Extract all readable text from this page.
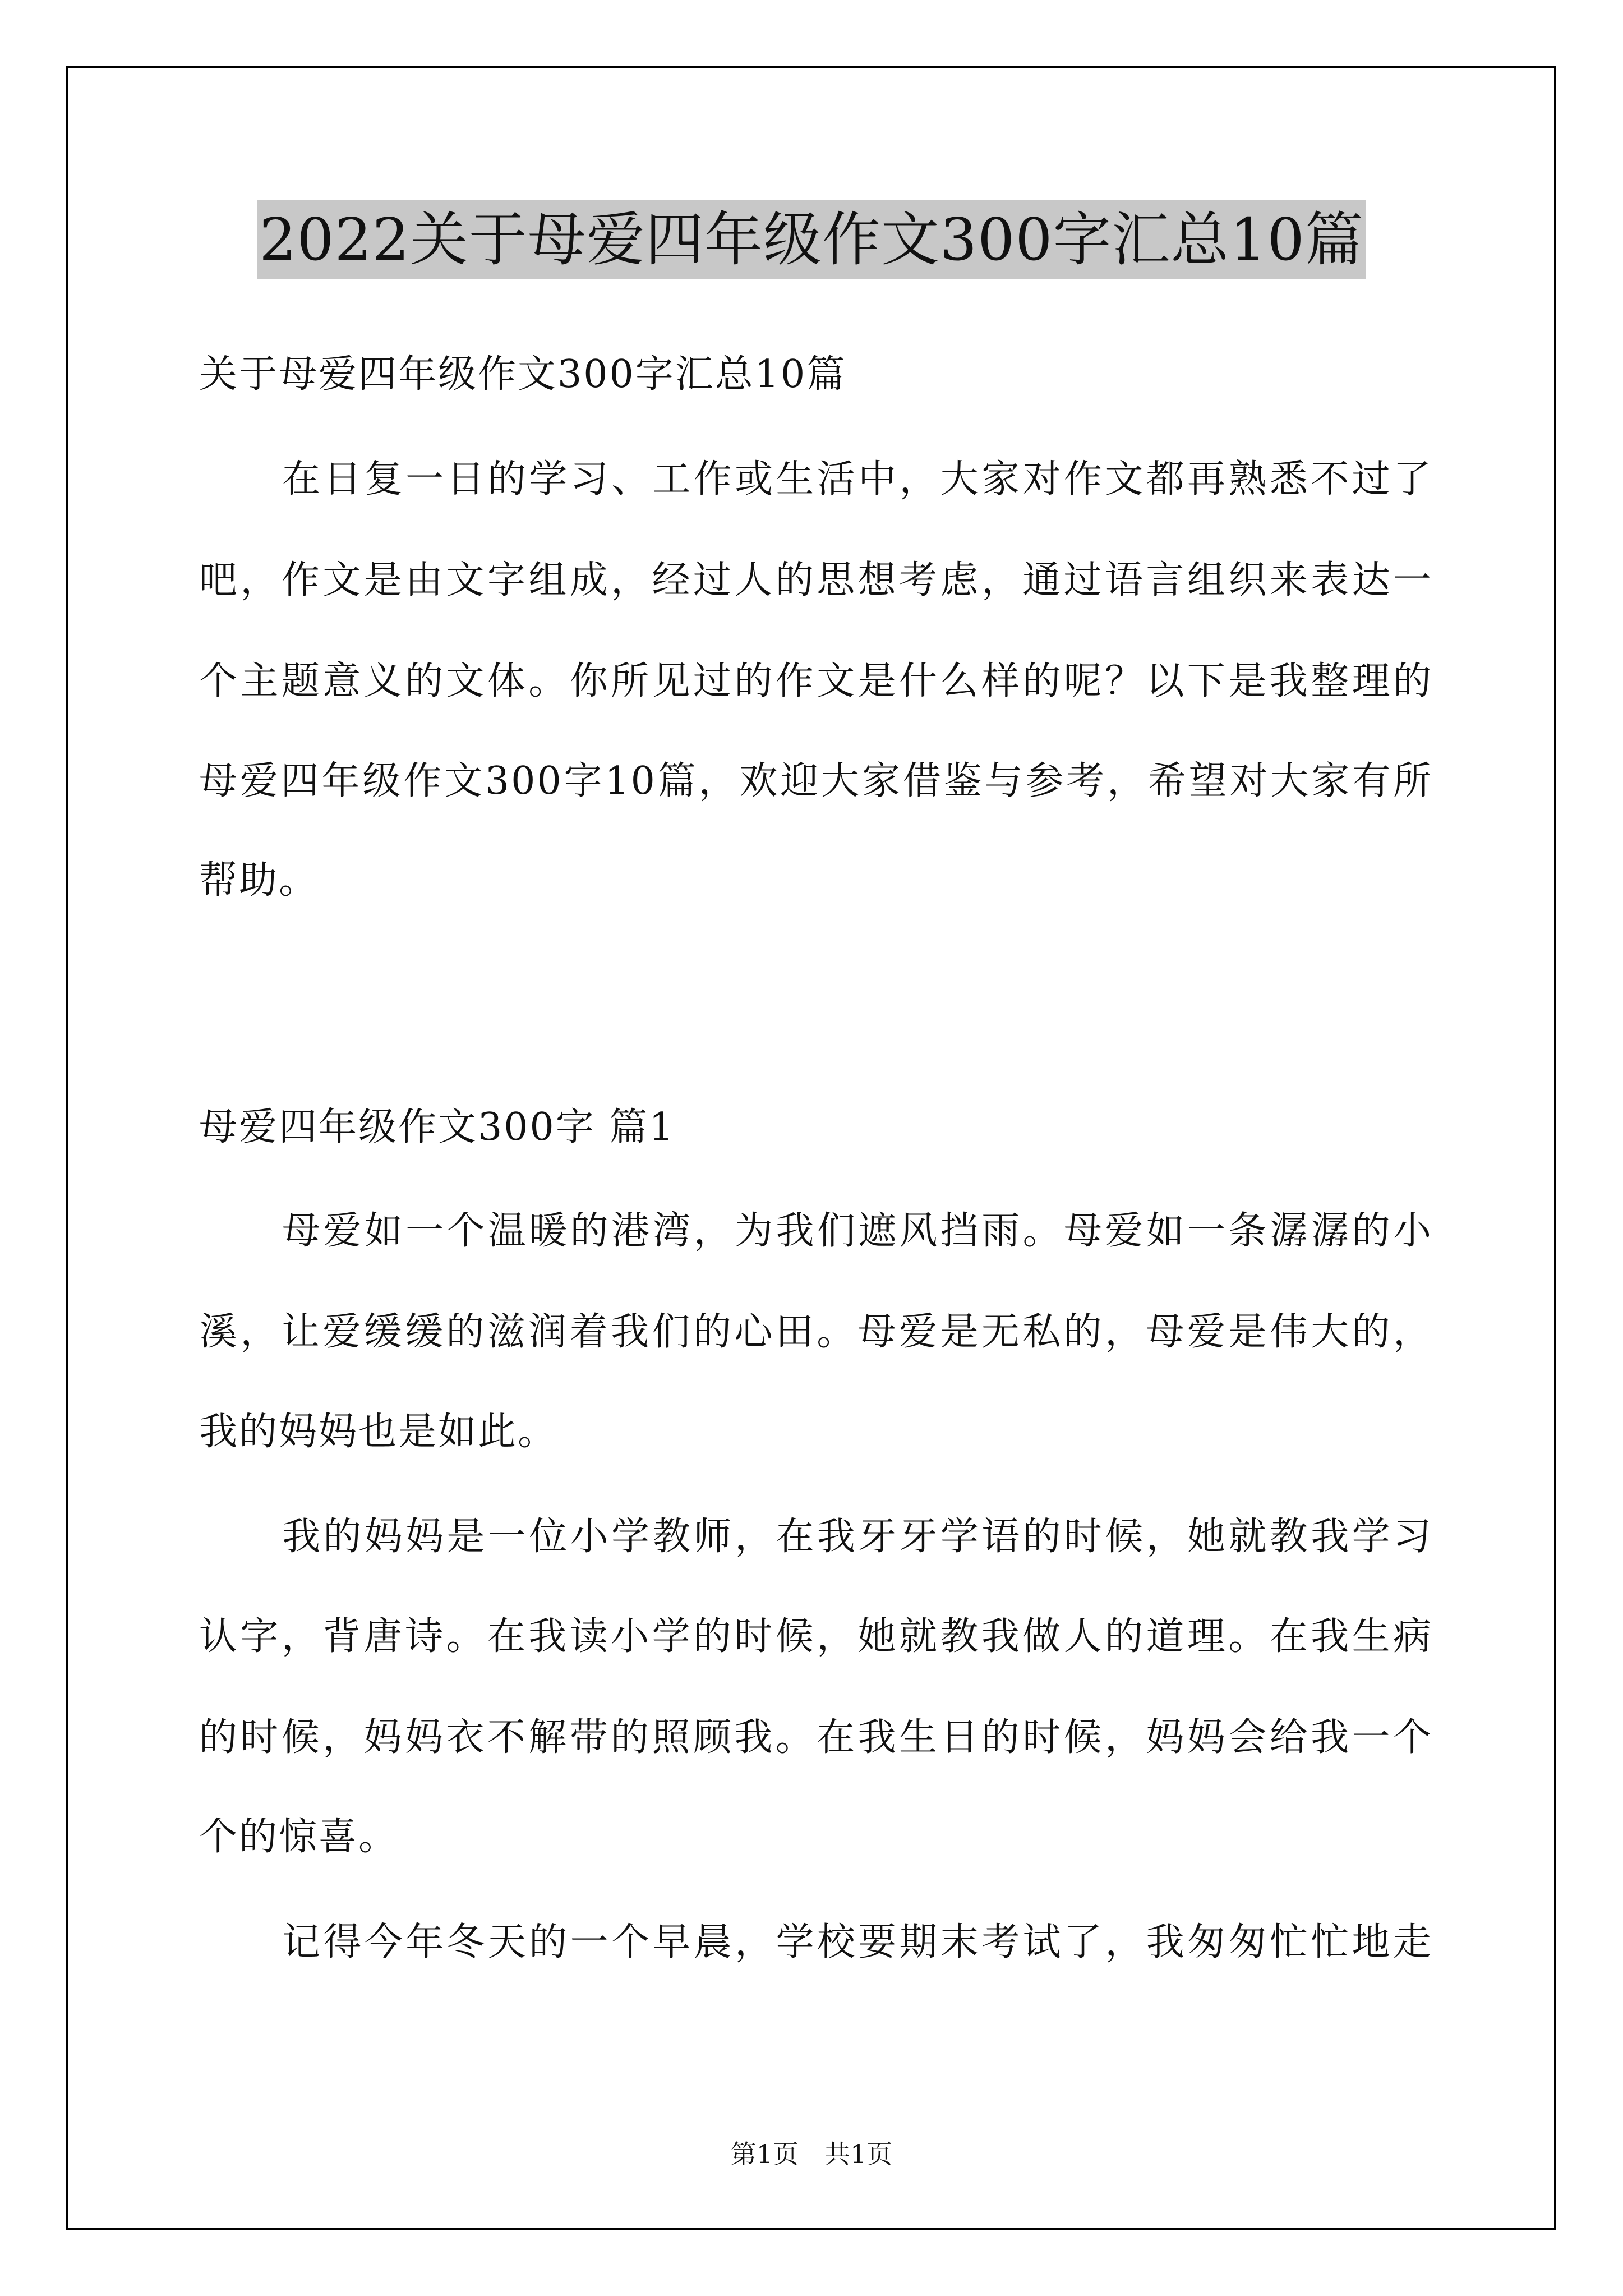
2022关于母爱四年级作文300字汇总10篇
关于母爱四年级作文300字汇总10篇
在日复一日的学习、工作或生活中，大家对作文都再熟悉不过了
吧，作文是由文字组成，经过人的思想考虑，通过语言组织来表达一
个主题意义的文体。你所见过的作文是什么样的呢？以下是我整理的
母爱四年级作文300字10篇，欢迎大家借鉴与参考，希望对大家有所
帮助。
母爱四年级作文300字 篇1
母爱如一个温暖的港湾，为我们遮风挡雨。母爱如一条潺潺的小
溪，让爱缓缓的滋润着我们的心田。母爱是无私的，母爱是伟大的，
我的妈妈也是如此。
我的妈妈是一位小学教师，在我牙牙学语的时候，她就教我学习
认字，背唐诗。在我读小学的时候，她就教我做人的道理。在我生病
的时候，妈妈衣不解带的照顾我。在我生日的时候，妈妈会给我一个
个的惊喜。
记得今年冬天的一个早晨，学校要期末考试了，我匆匆忙忙地走
第1页　共1页
